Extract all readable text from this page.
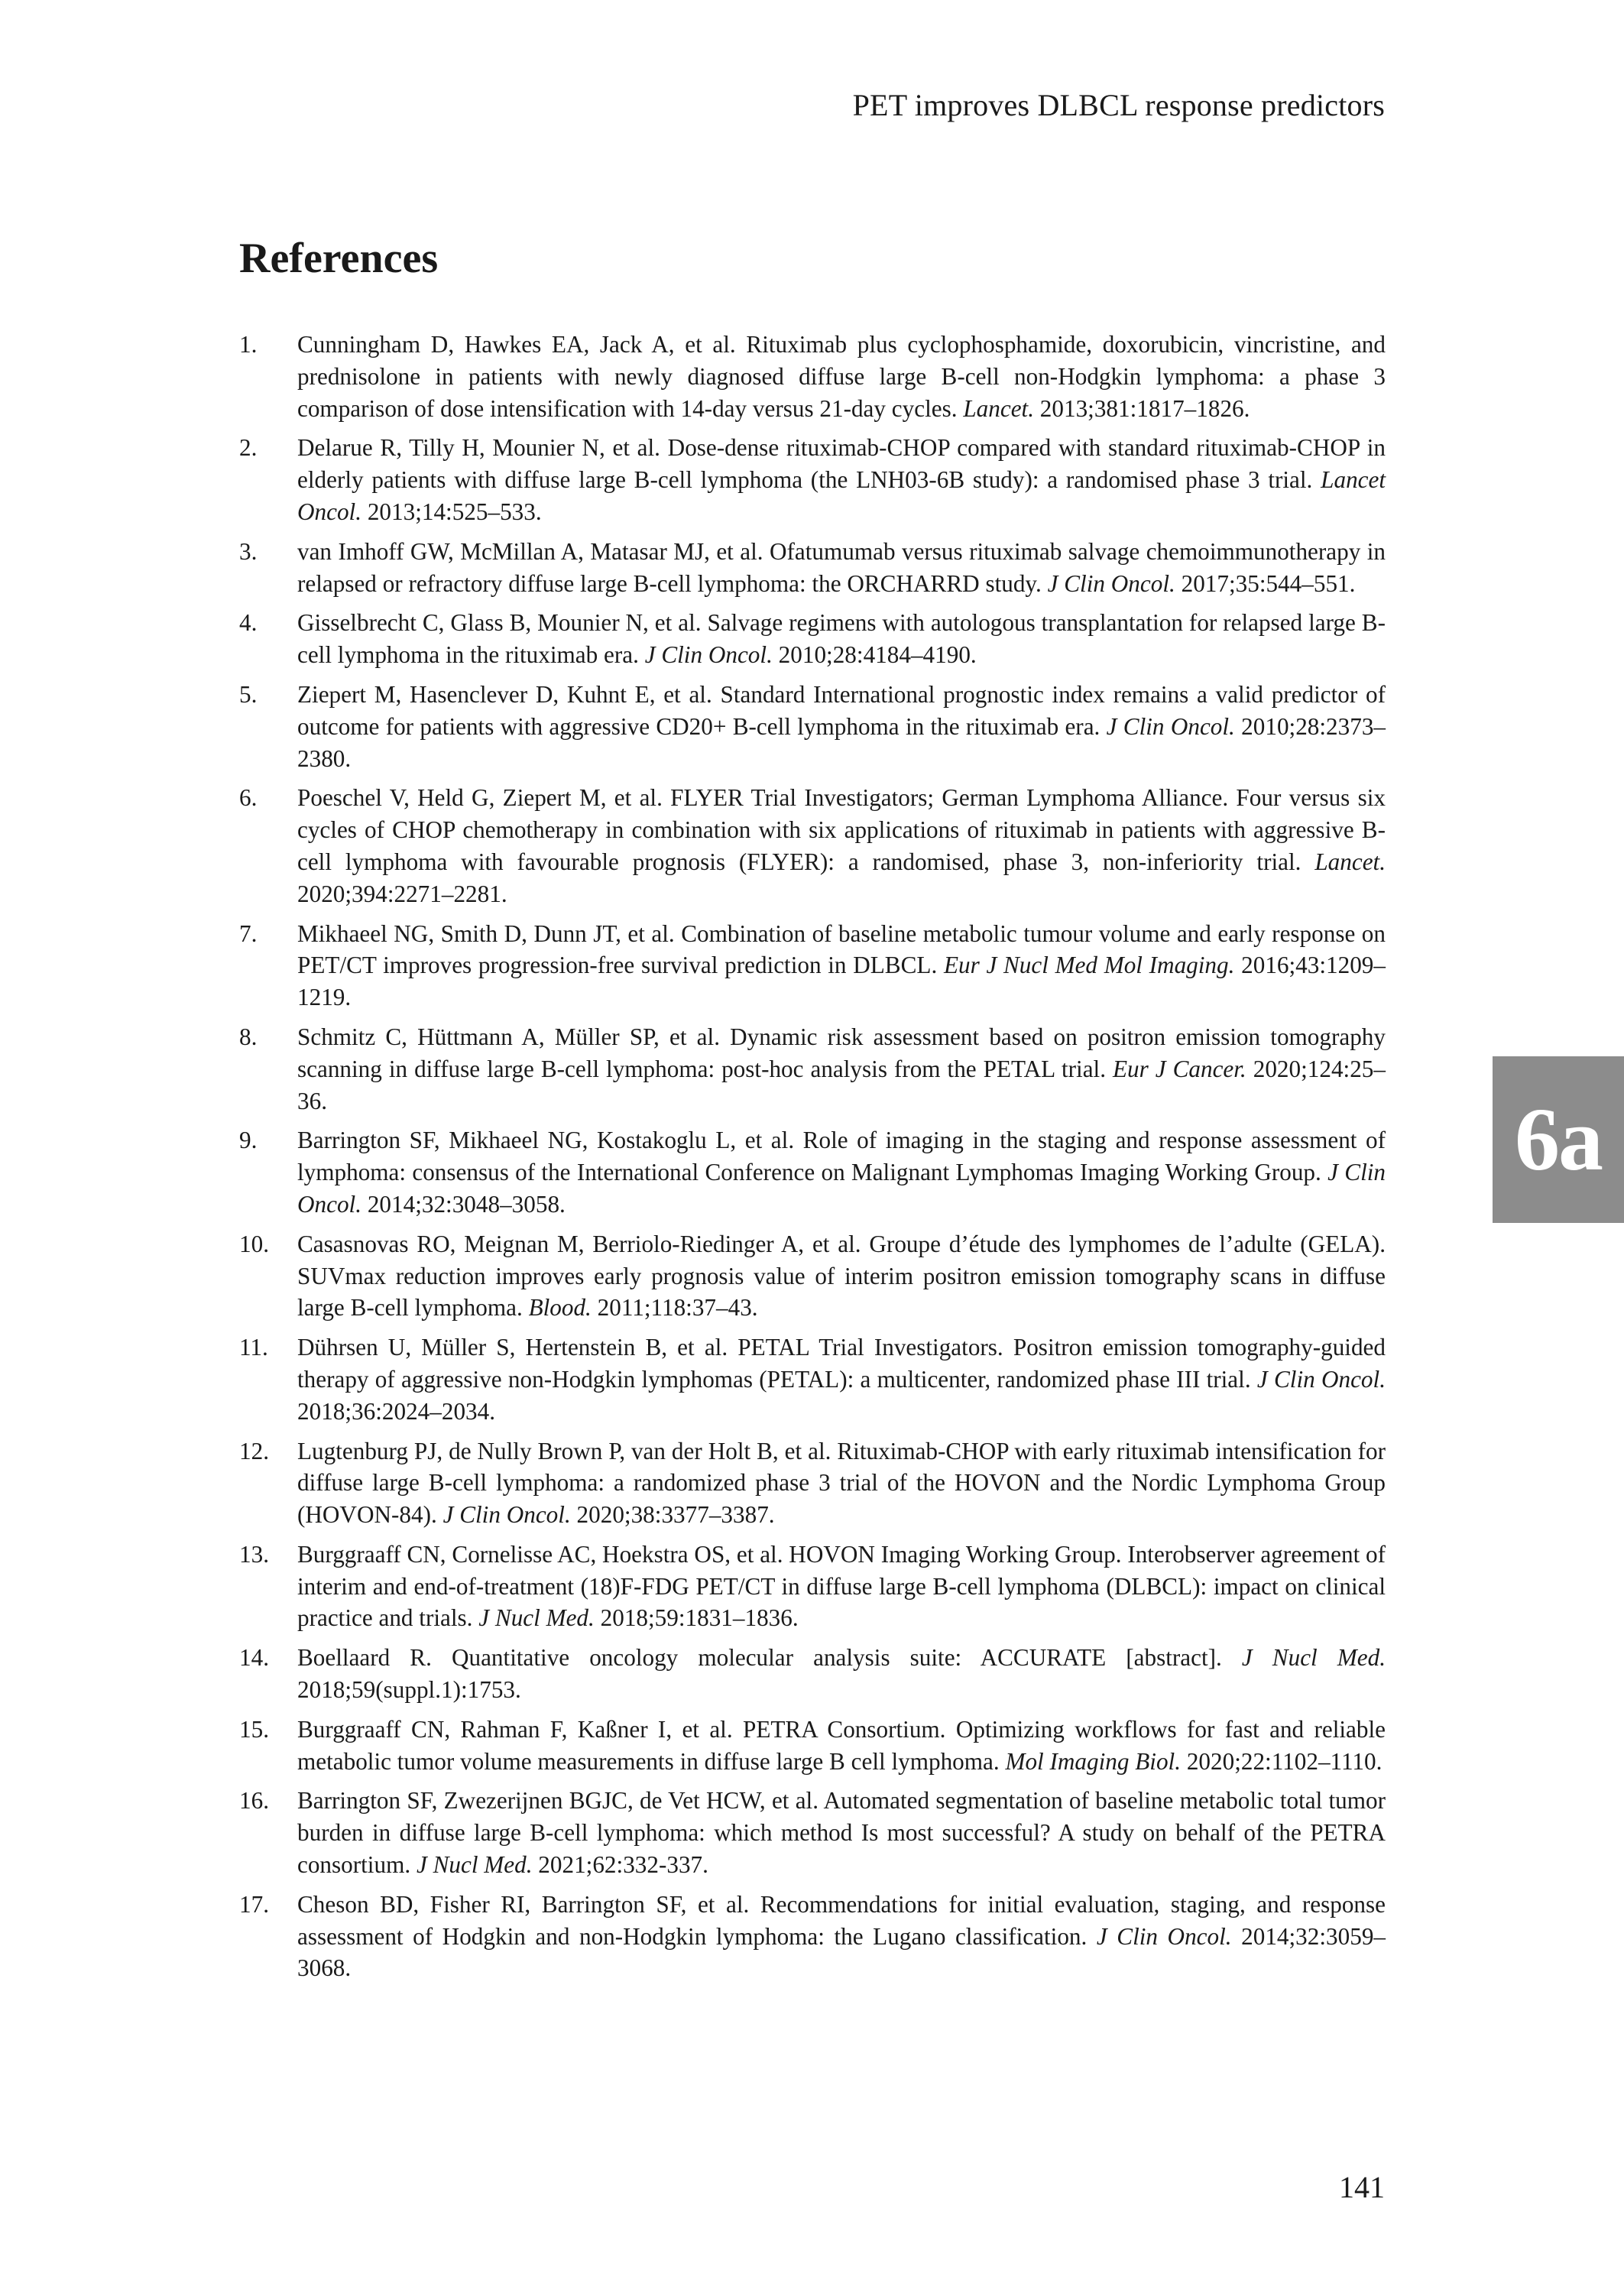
PET improves DLBCL response predictors
References
1. Cunningham D, Hawkes EA, Jack A, et al. Rituximab plus cyclophosphamide, doxorubicin, vincristine, and prednisolone in patients with newly diagnosed diffuse large B-cell non-Hodgkin lymphoma: a phase 3 comparison of dose intensification with 14-day versus 21-day cycles. Lancet. 2013;381:1817–1826.
2. Delarue R, Tilly H, Mounier N, et al. Dose-dense rituximab-CHOP compared with standard rituximab-CHOP in elderly patients with diffuse large B-cell lymphoma (the LNH03-6B study): a randomised phase 3 trial. Lancet Oncol. 2013;14:525–533.
3. van Imhoff GW, McMillan A, Matasar MJ, et al. Ofatumumab versus rituximab salvage chemoimmunotherapy in relapsed or refractory diffuse large B-cell lymphoma: the ORCHARRD study. J Clin Oncol. 2017;35:544–551.
4. Gisselbrecht C, Glass B, Mounier N, et al. Salvage regimens with autologous transplantation for relapsed large B-cell lymphoma in the rituximab era. J Clin Oncol. 2010;28:4184–4190.
5. Ziepert M, Hasenclever D, Kuhnt E, et al. Standard International prognostic index remains a valid predictor of outcome for patients with aggressive CD20+ B-cell lymphoma in the rituximab era. J Clin Oncol. 2010;28:2373–2380.
6. Poeschel V, Held G, Ziepert M, et al. FLYER Trial Investigators; German Lymphoma Alliance. Four versus six cycles of CHOP chemotherapy in combination with six applications of rituximab in patients with aggressive B-cell lymphoma with favourable prognosis (FLYER): a randomised, phase 3, non-inferiority trial. Lancet. 2020;394:2271–2281.
7. Mikhaeel NG, Smith D, Dunn JT, et al. Combination of baseline metabolic tumour volume and early response on PET/CT improves progression-free survival prediction in DLBCL. Eur J Nucl Med Mol Imaging. 2016;43:1209–1219.
8. Schmitz C, Hüttmann A, Müller SP, et al. Dynamic risk assessment based on positron emission tomography scanning in diffuse large B-cell lymphoma: post-hoc analysis from the PETAL trial. Eur J Cancer. 2020;124:25–36.
9. Barrington SF, Mikhaeel NG, Kostakoglu L, et al. Role of imaging in the staging and response assessment of lymphoma: consensus of the International Conference on Malignant Lymphomas Imaging Working Group. J Clin Oncol. 2014;32:3048–3058.
10. Casasnovas RO, Meignan M, Berriolo-Riedinger A, et al. Groupe d’étude des lymphomes de l’adulte (GELA). SUVmax reduction improves early prognosis value of interim positron emission tomography scans in diffuse large B-cell lymphoma. Blood. 2011;118:37–43.
11. Dührsen U, Müller S, Hertenstein B, et al. PETAL Trial Investigators. Positron emission tomography-guided therapy of aggressive non-Hodgkin lymphomas (PETAL): a multicenter, randomized phase III trial. J Clin Oncol. 2018;36:2024–2034.
12. Lugtenburg PJ, de Nully Brown P, van der Holt B, et al. Rituximab-CHOP with early rituximab intensification for diffuse large B-cell lymphoma: a randomized phase 3 trial of the HOVON and the Nordic Lymphoma Group (HOVON-84). J Clin Oncol. 2020;38:3377–3387.
13. Burggraaff CN, Cornelisse AC, Hoekstra OS, et al. HOVON Imaging Working Group. Interobserver agreement of interim and end-of-treatment (18)F-FDG PET/CT in diffuse large B-cell lymphoma (DLBCL): impact on clinical practice and trials. J Nucl Med. 2018;59:1831–1836.
14. Boellaard R. Quantitative oncology molecular analysis suite: ACCURATE [abstract]. J Nucl Med. 2018;59(suppl.1):1753.
15. Burggraaff CN, Rahman F, Kaßner I, et al. PETRA Consortium. Optimizing workflows for fast and reliable metabolic tumor volume measurements in diffuse large B cell lymphoma. Mol Imaging Biol. 2020;22:1102–1110.
16. Barrington SF, Zwezerijnen BGJC, de Vet HCW, et al. Automated segmentation of baseline metabolic total tumor burden in diffuse large B-cell lymphoma: which method Is most successful? A study on behalf of the PETRA consortium. J Nucl Med. 2021;62:332-337.
17. Cheson BD, Fisher RI, Barrington SF, et al. Recommendations for initial evaluation, staging, and response assessment of Hodgkin and non-Hodgkin lymphoma: the Lugano classification. J Clin Oncol. 2014;32:3059–3068.
6a
141
